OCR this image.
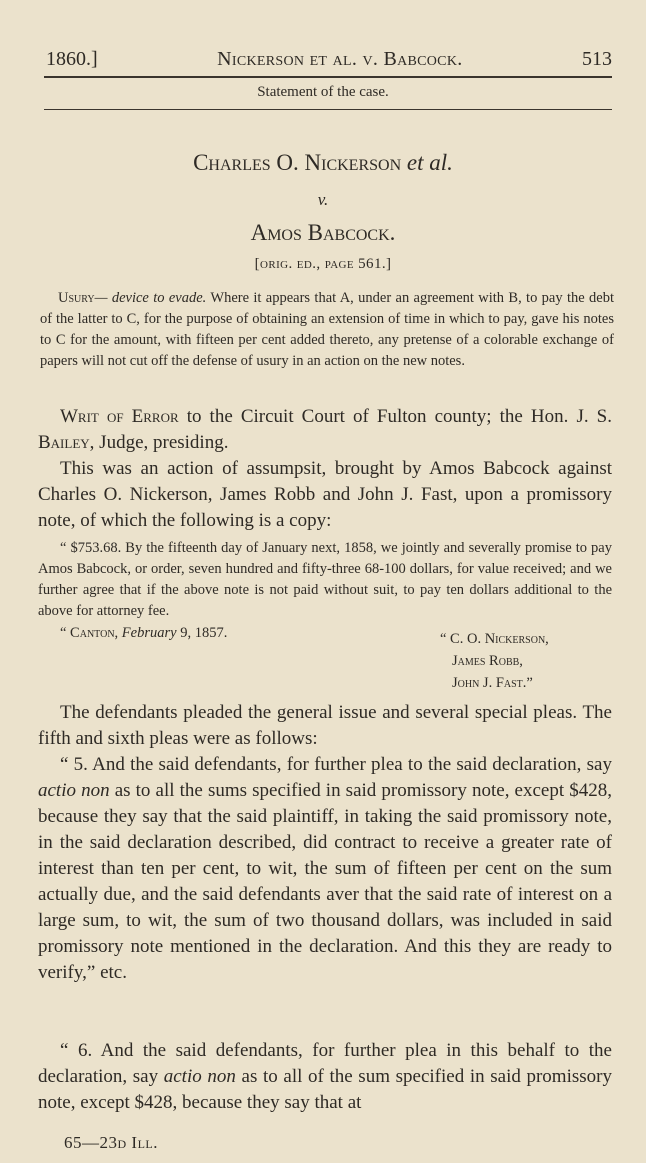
1860.]	Nickerson et al. v. Babcock.	513
Statement of the case.
Charles O. Nickerson et al.
v.
Amos Babcock.
[orig. ed., page 561.]
Usury— device to evade. Where it appears that A, under an agreement with B, to pay the debt of the latter to C, for the purpose of obtaining an extension of time in which to pay, gave his notes to C for the amount, with fifteen per cent added thereto, any pretense of a colorable exchange of papers will not cut off the defense of usury in an action on the new notes.
Writ of Error to the Circuit Court of Fulton county; the Hon. J. S. Bailey, Judge, presiding.
This was an action of assumpsit, brought by Amos Babcock against Charles O. Nickerson, James Robb and John J. Fast, upon a promissory note, of which the following is a copy:
“ $753.68. By the fifteenth day of January next, 1858, we jointly and severally promise to pay Amos Babcock, or order, seven hundred and fifty-three 68-100 dollars, for value received; and we further agree that if the above note is not paid without suit, to pay ten dollars additional to the above for attorney fee.
“ Canton, February 9, 1857.	“ C. O. Nickerson,
James Robb,
John J. Fast.”
The defendants pleaded the general issue and several special pleas. The fifth and sixth pleas were as follows:
“ 5. And the said defendants, for further plea to the said declaration, say actio non as to all the sums specified in said promissory note, except $428, because they say that the said plaintiff, in taking the said promissory note, in the said declaration described, did contract to receive a greater rate of interest than ten per cent, to wit, the sum of fifteen per cent on the sum actually due, and the said defendants aver that the said rate of interest on a large sum, to wit, the sum of two thousand dollars, was included in said promissory note mentioned in the declaration. And this they are ready to verify,” etc.
“ 6. And the said defendants, for further plea in this behalf to the declaration, say actio non as to all of the sum specified in said promissory note, except $428, because they say that at
65—23d Ill.
